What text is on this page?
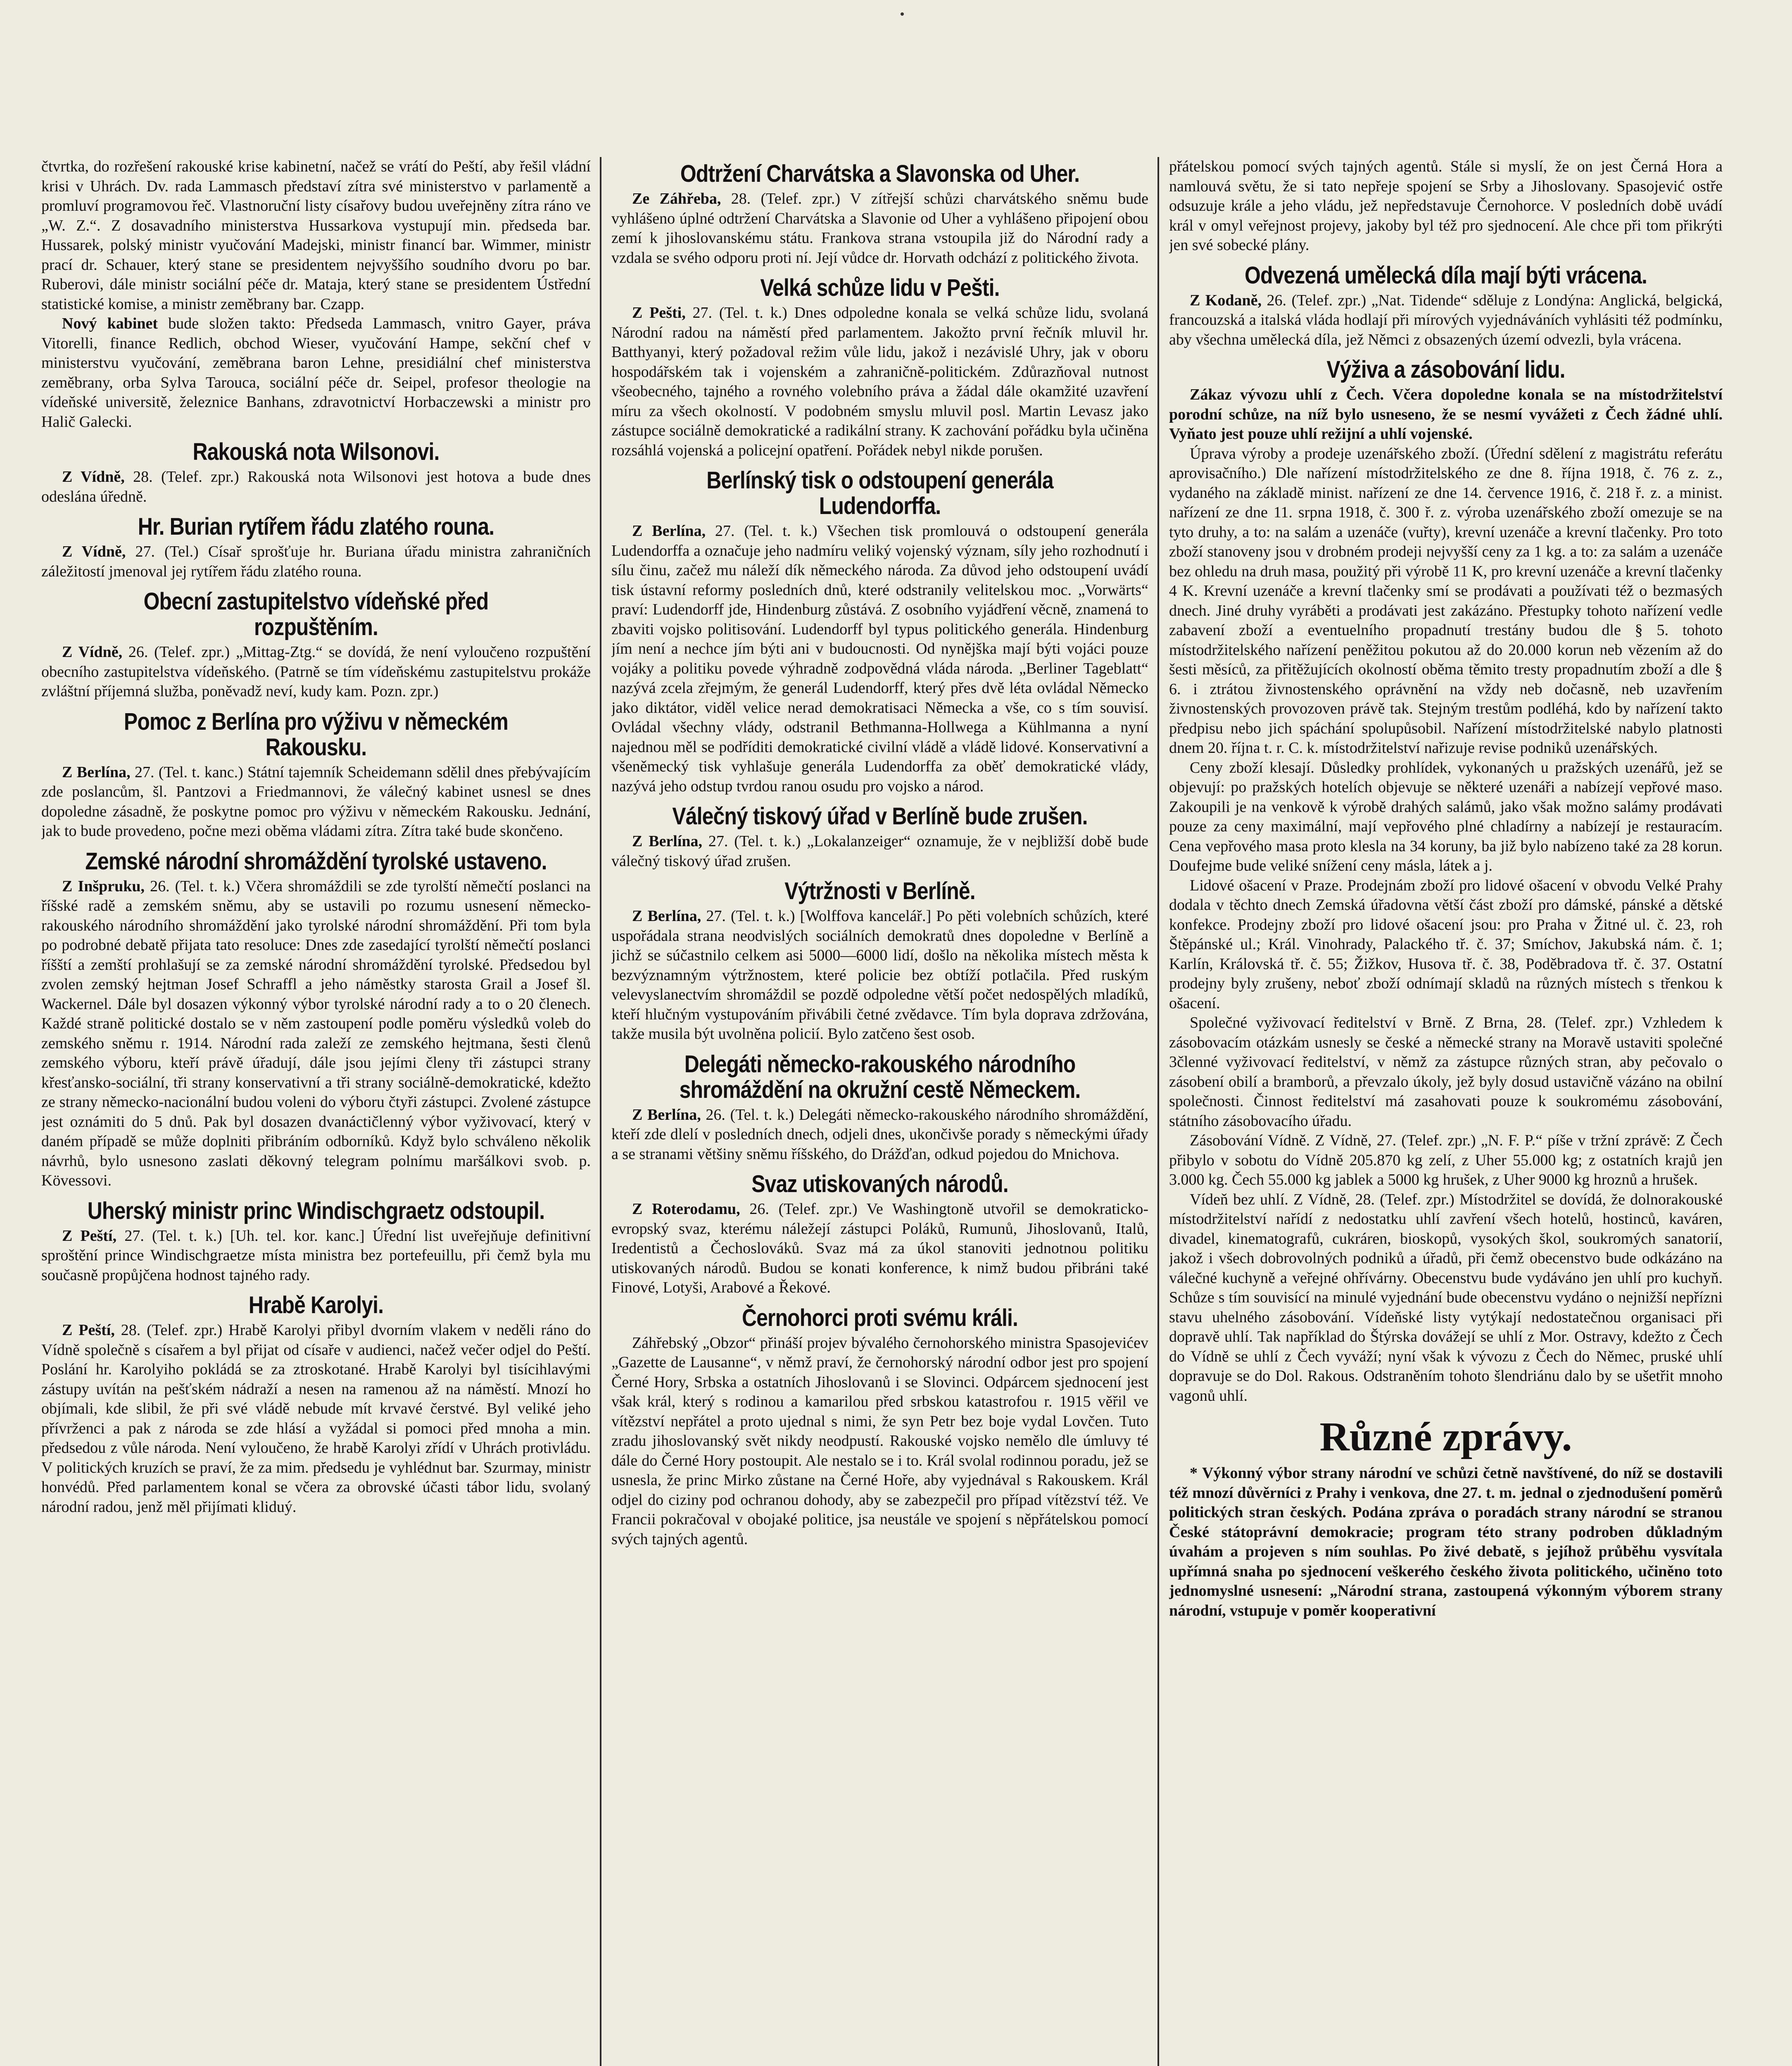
čtvrtka, do rozřešení rakouské krise kabinetní, načež se vrátí do Peští, aby řešil vládní krisi v Uhrách. Dv. rada Lammasch představí zítra své ministerstvo v parlamentě a promluví programovou řeč. Vlastnoruční listy císařovy budou uveřejněny zítra ráno ve „W. Z.“. Z dosavadního ministerstva Hussarkova vystupují min. předseda bar. Hussarek, polský ministr vyučování Madejski, ministr financí bar. Wimmer, ministr prací dr. Schauer, který stane se presidentem nejvyššího soudního dvoru po bar. Ruberovi, dále ministr sociální péče dr. Mataja, který stane se presidentem Ústřední statistické komise, a ministr zeměbrany bar. Czapp.

Nový kabinet bude složen takto: Předseda Lammasch, vnitro Gayer, práva Vitorelli, finance Redlich, obchod Wieser, vyučování Hampe, sekční chef v ministerstvu vyučování, zeměbrana baron Lehne, presidiální chef ministerstva zeměbrany, orba Sylva Tarouca, sociální péče dr. Seipel, profesor theologie na vídeňské universitě, železnice Banhans, zdravotnictví Horbaczewski a ministr pro Halič Galecki.

Rakouská nota Wilsonovi.

Z Vídně, 28. (Telef. zpr.) Rakouská nota Wilsonovi jest hotova a bude dnes odeslána úředně.

Hr. Burian rytířem řádu zlatého rouna.

Z Vídně, 27. (Tel.) Císař sprošťuje hr. Buriana úřadu ministra zahraničních záležitostí jmenoval jej rytířem řádu zlatého rouna.

Obecní zastupitelstvo vídeňské před rozpuštěním.

Z Vídně, 26. (Telef. zpr.) „Mittag-Ztg.“ se dovídá, že není vyloučeno rozpuštění obecního zastupitelstva vídeňského. (Patrně se tím vídeňskému zastupitelstvu prokáže zvláštní příjemná služba, poněvadž neví, kudy kam. Pozn. zpr.)

Pomoc z Berlína pro výživu v německém Rakousku.

Z Berlína, 27. (Tel. t. kanc.) Státní tajemník Scheidemann sdělil dnes přebývajícím zde poslancům, šl. Pantzovi a Friedmannovi, že válečný kabinet usnesl se dnes dopoledne zásadně, že poskytne pomoc pro výživu v německém Rakousku. Jednání, jak to bude provedeno, počne mezi oběma vládami zítra. Zítra také bude skončeno.

Zemské národní shromáždění tyrolské ustaveno.

Z Inšpruku, 26. (Tel. t. k.) Včera shromáždili se zde tyrolští němečtí poslanci na říšské radě a zemském sněmu, aby se ustavili po rozumu usnesení německo-rakouského národního shromáždění jako tyrolské národní shromáždění. Při tom byla po podrobné debatě přijata tato resoluce: Dnes zde zasedající tyrolští němečtí poslanci říšští a zemští prohlašují se za zemské národní shromáždění tyrolské. Předsedou byl zvolen zemský hejtman Josef Schraffl a jeho náměstky starosta Grail a Josef šl. Wackernel. Dále byl dosazen výkonný výbor tyrolské národní rady a to o 20 členech. Každé straně politické dostalo se v něm zastoupení podle poměru výsledků voleb do zemského sněmu r. 1914. Národní rada zaleží ze zemského hejtmana, šesti členů zemského výboru, kteří právě úřadují, dále jsou jejími členy tři zástupci strany křesťansko-sociální, tři strany konservativní a tři strany sociálně-demokratické, kdežto ze strany německo-nacionální budou voleni do výboru čtyři zástupci. Zvolené zástupce jest oznámiti do 5 dnů. Pak byl dosazen dvanáctičlenný výbor vyživovací, který v daném případě se může doplniti přibráním odborníků. Když bylo schváleno několik návrhů, bylo usnesono zaslati děkovný telegram polnímu maršálkovi svob. p. Kövessovi.

Uherský ministr princ Windischgraetz odstoupil.

Z Peští, 27. (Tel. t. k.) [Uh. tel. kor. kanc.] Úřední list uveřejňuje definitivní sproštění prince Windischgraetze místa ministra bez portefeuillu, při čemž byla mu současně propůjčena hodnost tajného rady.

Hrabě Karolyi.

Z Peští, 28. (Telef. zpr.) Hrabě Karolyi přibyl dvorním vlakem v neděli ráno do Vídně společně s císařem a byl přijat od císaře v audienci, načež večer odjel do Peští. Poslání hr. Karolyiho pokládá se za ztroskotané. Hrabě Karolyi byl tisícihlavými zástupy uvítán na pešťském nádraží a nesen na ramenou až na náměstí. Mnozí ho objímali, kde slibil, že při své vládě nebude mít krvavé čerstvé. Byl veliké jeho přívrženci a pak z národa se zde hlásí a vyžádal si pomoci před mnoha a min. předsedou z vůle národa. Není vyloučeno, že hrabě Karolyi zřídí v Uhrách protivládu. V politických kruzích se praví, že za mim. předsedu je vyhlédnut bar. Szurmay, ministr honvédů. Před parlamentem konal se včera za obrovské účasti tábor lidu, svolaný národní radou, jenž měl přijímati kliduý.

Odtržení Charvátska a Slavonska od Uher.

Ze Záhřeba, 28. (Telef. zpr.) V zítřejší schůzi charvátského sněmu bude vyhlášeno úplné odtržení Charvátska a Slavonie od Uher a vyhlášeno připojení obou zemí k jihoslovanskému státu. Frankova strana vstoupila již do Národní rady a vzdala se svého odporu proti ní. Její vůdce dr. Horvath odchází z politického života.

Velká schůze lidu v Pešti.

Z Pešti, 27. (Tel. t. k.) Dnes odpoledne konala se velká schůze lidu, svolaná Národní radou na náměstí před parlamentem. Jakožto první řečník mluvil hr. Batthyanyi, který požadoval režim vůle lidu, jakož i nezávislé Uhry, jak v oboru hospodářském tak i vojenském a zahraničně-politickém. Zdůrazňoval nutnost všeobecného, tajného a rovného volebního práva a žádal dále okamžité uzavření míru za všech okolností. V podobném smyslu mluvil posl. Martin Levasz jako zástupce sociálně demokratické a radikální strany. K zachování pořádku byla učiněna rozsáhlá vojenská a policejní opatření. Pořádek nebyl nikde porušen.

Berlínský tisk o odstoupení generála Ludendorffa.

Z Berlína, 27. (Tel. t. k.) Všechen tisk promlouvá o odstoupení generála Ludendorffa a označuje jeho nadmíru veliký vojenský význam, síly jeho rozhodnutí i sílu činu, začež mu náleží dík německého národa. Za důvod jeho odstoupení uvádí tisk ústavní reformy posledních dnů, které odstranily velitelskou moc. „Vorwärts“ praví: Ludendorff jde, Hindenburg zůstává. Z osobního vyjádření věcně, znamená to zbaviti vojsko politisování. Ludendorff byl typus politického generála. Hindenburg jím není a nechce jím býti ani v budoucnosti. Od nynějška mají býti vojáci pouze vojáky a politiku povede výhradně zodpovědná vláda národa. „Berliner Tageblatt“ nazývá zcela zřejmým, že generál Ludendorff, který přes dvě léta ovládal Německo jako diktátor, viděl velice nerad demokratisaci Německa a vše, co s tím souvisí. Ovládal všechny vlády, odstranil Bethmanna-Hollwega a Kühlmanna a nyní najednou měl se podříditi demokratické civilní vládě a vládě lidové. Konservativní a všeněmecký tisk vyhlašuje generála Ludendorffa za oběť demokratické vlády, nazývá jeho odstup tvrdou ranou osudu pro vojsko a národ.

Válečný tiskový úřad v Berlíně bude zrušen.

Z Berlína, 27. (Tel. t. k.) „Lokalanzeiger“ oznamuje, že v nejbližší době bude válečný tiskový úřad zrušen.

Výtržnosti v Berlíně.

Z Berlína, 27. (Tel. t. k.) [Wolffova kancelář.] Po pěti volebních schůzích, které uspořádala strana neodvislých sociálních demokratů dnes dopoledne v Berlíně a jichž se súčastnilo celkem asi 5000—6000 lidí, došlo na několika místech města k bezvýznamným výtržnostem, které policie bez obtíží potlačila. Před ruským velevyslanectvím shromáždil se pozdě odpoledne větší počet nedospělých mladíků, kteří hlučným vystupováním přivábili četné zvědavce. Tím byla doprava zdržována, takže musila být uvolněna policií. Bylo zatčeno šest osob.

Delegáti německo-rakouského národního shromáždění na okružní cestě Německem.

Z Berlína, 26. (Tel. t. k.) Delegáti německo-rakouského národního shromáždění, kteří zde dlelí v posledních dnech, odjeli dnes, ukončivše porady s německými úřady a se stranami většiny sněmu říšského, do Drážďan, odkud pojedou do Mnichova.

Svaz utiskovaných národů.

Z Roterodamu, 26. (Telef. zpr.) Ve Washingtoně utvořil se demokraticko-evropský svaz, kterému náležejí zástupci Poláků, Rumunů, Jihoslovanů, Italů, Iredentistů a Čechoslováků. Svaz má za úkol stanoviti jednotnou politiku utiskovaných národů. Budou se konati konference, k nimž budou přibráni také Finové, Lotyši, Arabové a Řekové.

Černohorci proti svému králi.

Záhřebský „Obzor“ přináší projev bývalého černohorského ministra Spasojevićev „Gazette de Lausanne“, v němž praví, že černohorský národní odbor jest pro spojení Černé Hory, Srbska a ostatních Jihoslovanů i se Slovinci. Odpárcem sjednocení jest však král, který s rodinou a kamarilou před srbskou katastrofou r. 1915 věřil ve vítězství nepřátel a proto ujednal s nimi, že syn Petr bez boje vydal Lovčen. Tuto zradu jihoslovanský svět nikdy neodpustí. Rakouské vojsko nemělo dle úmluvy té dále do Černé Hory postoupit. Ale nestalo se i to. Král svolal rodinnou poradu, jež se usnesla, že princ Mirko zůstane na Černé Hoře, aby vyjednával s Rakouskem. Král odjel do ciziny pod ochranou dohody, aby se zabezpečil pro případ vítězství též. Ve Francii pokračoval v obojaké politice, jsa neustále ve spojení s něpřátelskou pomocí svých tajných agentů.

přátelskou pomocí svých tajných agentů. Stále si myslí, že on jest Černá Hora a namlouvá světu, že si tato nepřeje spojení se Srby a Jihoslovany. Spasojević ostře odsuzuje krále a jeho vládu, jež nepředstavuje Černohorce. V posledních době uvádí král v omyl veřejnost projevy, jakoby byl též pro sjednocení. Ale chce při tom přikrýti jen své sobecké plány.

Odvezená umělecká díla mají býti vrácena.

Z Kodaně, 26. (Telef. zpr.) „Nat. Tidende“ sděluje z Londýna: Anglická, belgická, francouzská a italská vláda hodlají při mírových vyjednáváních vyhlásiti též podmínku, aby všechna umělecká díla, jež Němci z obsazených území odvezli, byla vrácena.

Výživa a zásobování lidu.

Zákaz vývozu uhlí z Čech. Včera dopoledne konala se na místodržitelství porodní schůze, na níž bylo usneseno, že se nesmí vyvážeti z Čech žádné uhlí. Vyňato jest pouze uhlí režijní a uhlí vojenské.

Úprava výroby a prodeje uzenářského zboží. (Úřední sdělení z magistrátu referátu aprovisačního.) Dle nařízení místodržitelského ze dne 8. října 1918, č. 76 z. z., vydaného na základě minist. nařízení ze dne 14. července 1916, č. 218 ř. z. a minist. nařízení ze dne 11. srpna 1918, č. 300 ř. z. výroba uzenářského zboží omezuje se na tyto druhy, a to: na salám a uzenáče (vuřty), krevní uzenáče a krevní tlačenky. Pro toto zboží stanoveny jsou v drobném prodeji nejvyšší ceny za 1 kg. a to: za salám a uzenáče bez ohledu na druh masa, použitý při výrobě 11 K, pro krevní uzenáče a krevní tlačenky 4 K. Krevní uzenáče a krevní tlačenky smí se prodávati a používati též o bezmasých dnech. Jiné druhy vyráběti a prodávati jest zakázáno. Přestupky tohoto nařízení vedle zabavení zboží a eventuelního propadnutí trestány budou dle § 5. tohoto místodržitelského nařízení peněžitou pokutou až do 20.000 korun neb vězením až do šesti měsíců, za přitěžujících okolností oběma těmito tresty propadnutím zboží a dle § 6. i ztrátou živnostenského oprávnění na vždy neb dočasně, neb uzavřením živnostenských provozoven právě tak. Stejným trestům podléhá, kdo by nařízení takto předpisu nebo jich spáchání spolupůsobil. Nařízení místodržitelské nabylo platnosti dnem 20. října t. r. C. k. místodržitelství nařizuje revise podniků uzenářských.

Ceny zboží klesají. Důsledky prohlídek, vykonaných u pražských uzenářů, jež se objevují: po pražských hotelích objevuje se některé uzenáři a nabízejí vepřové maso. Zakoupili je na venkově k výrobě drahých salámů, jako však možno salámy prodávati pouze za ceny maximální, mají vepřového plné chladírny a nabízejí je restauracím. Cena vepřového masa proto klesla na 34 koruny, ba již bylo nabízeno také za 28 korun. Doufejme bude veliké snížení ceny másla, látek a j.

Lidové ošacení v Praze. Prodejnám zboží pro lidové ošacení v obvodu Velké Prahy dodala v těchto dnech Zemská úřadovna větší část zboží pro dámské, pánské a dětské konfekce. Prodejny zboží pro lidové ošacení jsou: pro Praha v Žitné ul. č. 23, roh Štěpánské ul.; Král. Vinohrady, Palackého tř. č. 37; Smíchov, Jakubská nám. č. 1; Karlín, Královská tř. č. 55; Žižkov, Husova tř. č. 38, Poděbradova tř. č. 37. Ostatní prodejny byly zrušeny, neboť zboží odnímají skladů na různých místech s třenkou k ošacení.

Společné vyživovací ředitelství v Brně. Z Brna, 28. (Telef. zpr.) Vzhledem k zásobovacím otázkám usnesly se české a německé strany na Moravě ustaviti společné 3členné vyživovací ředitelství, v němž za zástupce různých stran, aby pečovalo o zásobení obilí a bramborů, a převzalo úkoly, jež byly dosud ustavičně vázáno na obilní společnosti. Činnost ředitelství má zasahovati pouze k soukromému zásobování, státního zásobovacího úřadu.

Zásobování Vídně. Z Vídně, 27. (Telef. zpr.) „N. F. P.“ píše v tržní zprávě: Z Čech přibylo v sobotu do Vídně 205.870 kg zelí, z Uher 55.000 kg; z ostatních krajů jen 3.000 kg. Čech 55.000 kg jablek a 5000 kg hrušek, z Uher 9000 kg hroznů a hrušek.

Vídeň bez uhlí. Z Vídně, 28. (Telef. zpr.) Místodržitel se dovídá, že dolnorakouské místodržitelství nařídí z nedostatku uhlí zavření všech hotelů, hostinců, kaváren, divadel, kinematografů, cukráren, bioskopů, vysokých škol, soukromých sanatorií, jakož i všech dobrovolných podniků a úřadů, při čemž obecenstvo bude odkázáno na válečné kuchyně a veřejné ohřívárny. Obecenstvu bude vydáváno jen uhlí pro kuchyň. Schůze s tím souvisící na minulé vyjednání bude obecenstvu vydáno o nejnižší nepřízni stavu uhelného zásobování. Vídeňské listy vytýkají nedostatečnou organisaci při dopravě uhlí. Tak například do Štýrska dovážejí se uhlí z Mor. Ostravy, kdežto z Čech do Vídně se uhlí z Čech vyváží; nyní však k vývozu z Čech do Němec, pruské uhlí dopravuje se do Dol. Rakous. Odstraněním tohoto šlendriánu dalo by se ušetřit mnoho vagonů uhlí.

Různé zprávy.

* Výkonný výbor strany národní ve schůzi četně navštívené, do níž se dostavili též mnozí důvěrníci z Prahy i venkova, dne 27. t. m. jednal o zjednodušení poměrů politických stran českých. Podána zpráva o poradách strany národní se stranou České státoprávní demokracie; program této strany podroben důkladným úvahám a projeven s ním souhlas. Po živé debatě, s jejíhož průběhu vysvítala upřímná snaha po sjednocení veškerého českého života politického, učiněno toto jednomyslné usnesení: „Národní strana, zastoupená výkonným výborem strany národní, vstupuje v poměr kooperativní
